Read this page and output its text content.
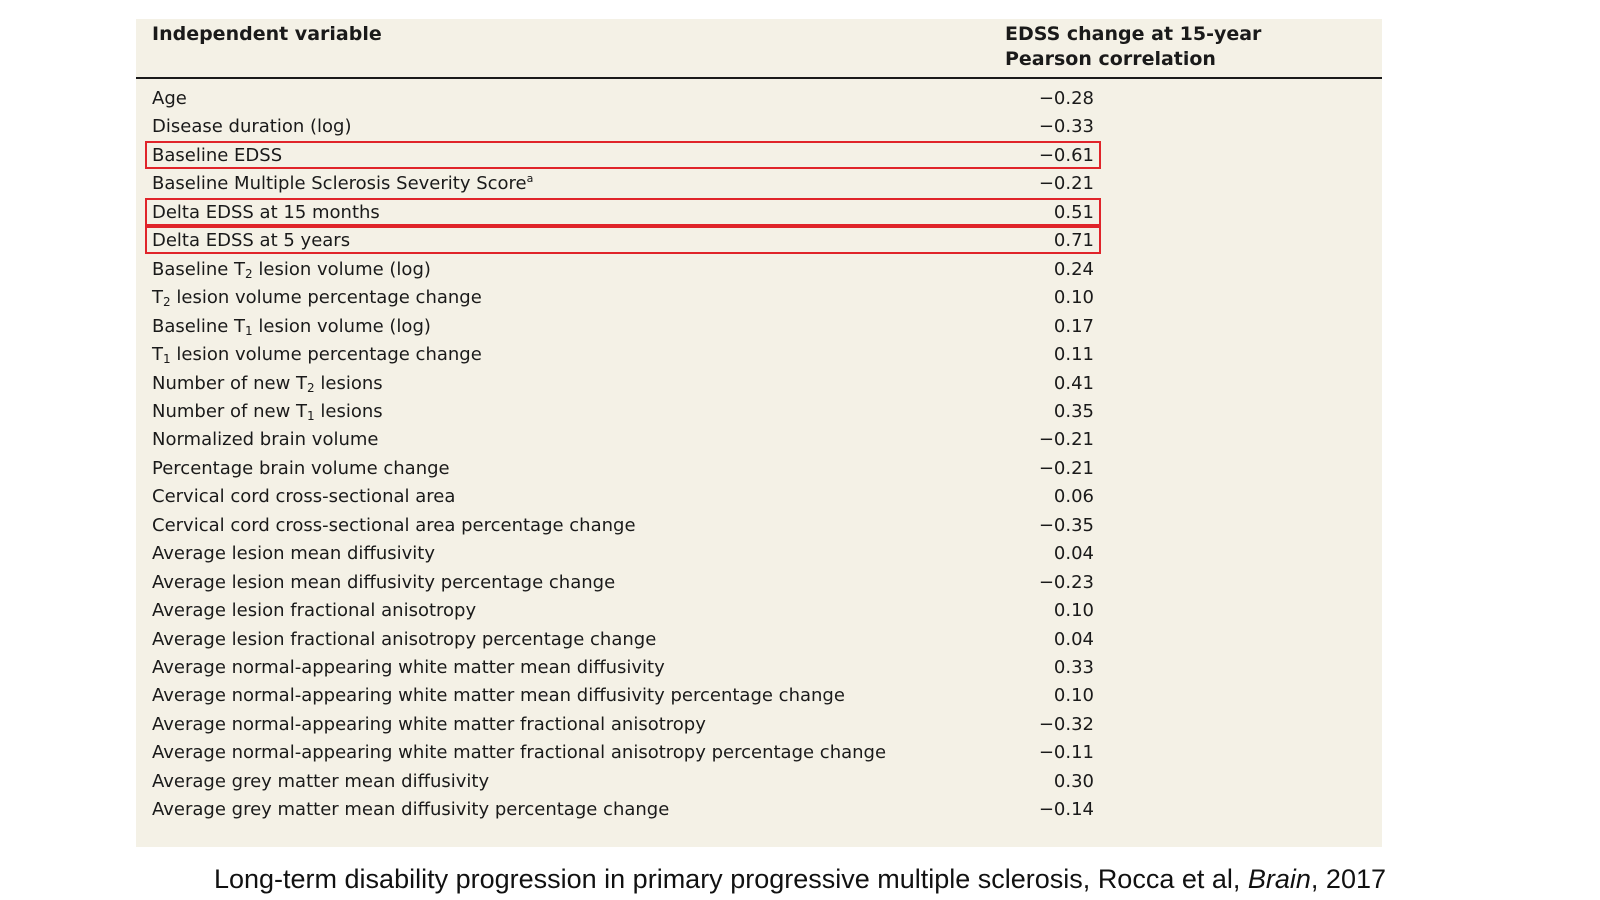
Independent variable	EDSS change at 15-year
Pearson correlation
Age	−0.28
Disease duration (log)	−0.33
Baseline EDSS	−0.61
Baseline Multiple Sclerosis Severity Score$^a$	−0.21
Delta EDSS at 15 months	0.51
Delta EDSS at 5 years	0.71
Baseline $T_2$ lesion volume (log)	0.24
$T_2$ lesion volume percentage change	0.10
Baseline $T_1$ lesion volume (log)	0.17
$T_1$ lesion volume percentage change	0.11
Number of new $T_2$ lesions	0.41
Number of new $T_1$ lesions	0.35
Normalized brain volume	−0.21
Percentage brain volume change	−0.21
Cervical cord cross-sectional area	0.06
Cervical cord cross-sectional area percentage change	−0.35
Average lesion mean diffusivity	0.04
Average lesion mean diffusivity percentage change	−0.23
Average lesion fractional anisotropy	0.10
Average lesion fractional anisotropy percentage change	0.04
Average normal-appearing white matter mean diffusivity	0.33
Average normal-appearing white matter mean diffusivity percentage change	0.10
Average normal-appearing white matter fractional anisotropy	−0.32
Average normal-appearing white matter fractional anisotropy percentage change	−0.11
Average grey matter mean diffusivity	0.30
Average grey matter mean diffusivity percentage change	−0.14
Long-term disability progression in primary progressive multiple sclerosis, Rocca et al, Brain, 2017
